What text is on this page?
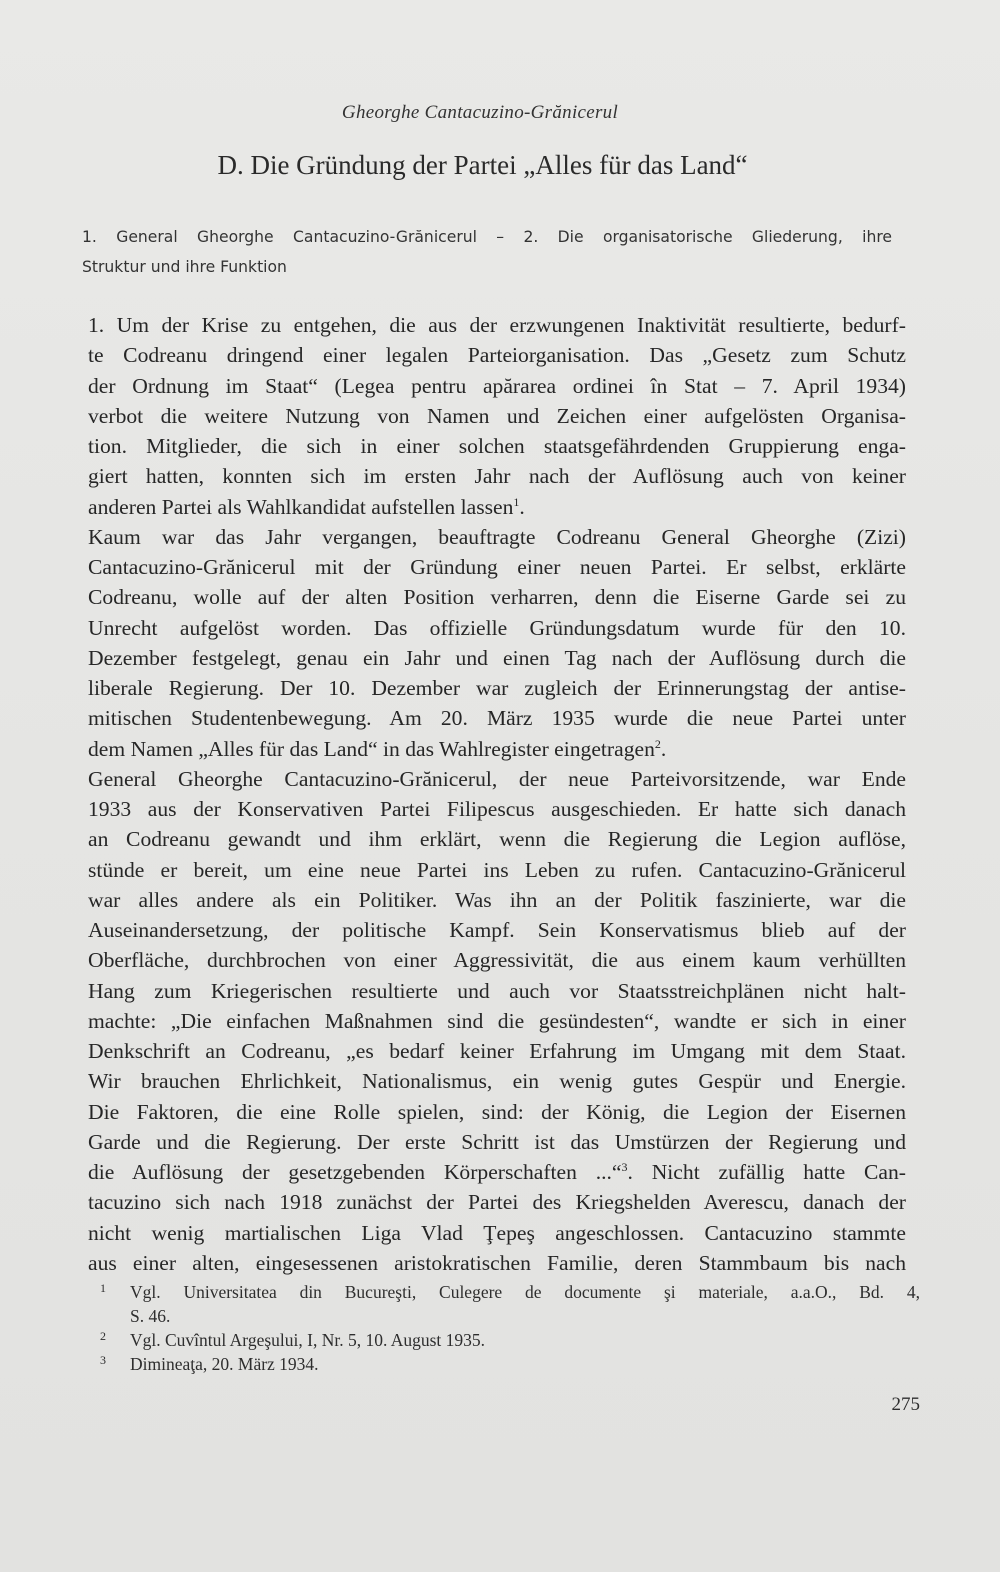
Gheorghe Cantacuzino-Grănicerul
D. Die Gründung der Partei „Alles für das Land“
1. General Gheorghe Cantacuzino-Grănicerul – 2. Die organisatorische Gliederung, ihre
Struktur und ihre Funktion
1. Um der Krise zu entgehen, die aus der erzwungenen Inaktivität resultierte, bedurf-
te Codreanu dringend einer legalen Parteiorganisation. Das „Gesetz zum Schutz
der Ordnung im Staat“ (Legea pentru apărarea ordinei în Stat – 7. April 1934)
verbot die weitere Nutzung von Namen und Zeichen einer aufgelösten Organisa-
tion. Mitglieder, die sich in einer solchen staatsgefährdenden Gruppierung enga-
giert hatten, konnten sich im ersten Jahr nach der Auflösung auch von keiner
anderen Partei als Wahlkandidat aufstellen lassen$^1$.
Kaum war das Jahr vergangen, beauftragte Codreanu General Gheorghe (Zizi)
Cantacuzino-Grănicerul mit der Gründung einer neuen Partei. Er selbst, erklärte
Codreanu, wolle auf der alten Position verharren, denn die Eiserne Garde sei zu
Unrecht aufgelöst worden. Das offizielle Gründungsdatum wurde für den 10.
Dezember festgelegt, genau ein Jahr und einen Tag nach der Auflösung durch die
liberale Regierung. Der 10. Dezember war zugleich der Erinnerungstag der antise-
mitischen Studentenbewegung. Am 20. März 1935 wurde die neue Partei unter
dem Namen „Alles für das Land“ in das Wahlregister eingetragen$^2$.
General Gheorghe Cantacuzino-Grănicerul, der neue Parteivorsitzende, war Ende
1933 aus der Konservativen Partei Filipescus ausgeschieden. Er hatte sich danach
an Codreanu gewandt und ihm erklärt, wenn die Regierung die Legion auflöse,
stünde er bereit, um eine neue Partei ins Leben zu rufen. Cantacuzino-Grănicerul
war alles andere als ein Politiker. Was ihn an der Politik faszinierte, war die
Auseinandersetzung, der politische Kampf. Sein Konservatismus blieb auf der
Oberfläche, durchbrochen von einer Aggressivität, die aus einem kaum verhüllten
Hang zum Kriegerischen resultierte und auch vor Staatsstreichplänen nicht halt-
machte: „Die einfachen Maßnahmen sind die gesündesten“, wandte er sich in einer
Denkschrift an Codreanu, „es bedarf keiner Erfahrung im Umgang mit dem Staat.
Wir brauchen Ehrlichkeit, Nationalismus, ein wenig gutes Gespür und Energie.
Die Faktoren, die eine Rolle spielen, sind: der König, die Legion der Eisernen
Garde und die Regierung. Der erste Schritt ist das Umstürzen der Regierung und
die Auflösung der gesetzgebenden Körperschaften ...“$^3$. Nicht zufällig hatte Can-
tacuzino sich nach 1918 zunächst der Partei des Kriegshelden Averescu, danach der
nicht wenig martialischen Liga Vlad Ţepeş angeschlossen. Cantacuzino stammte
aus einer alten, eingesessenen aristokratischen Familie, deren Stammbaum bis nach
1 Vgl. Universitatea din Bucureşti, Culegere de documente şi materiale, a.a.O., Bd. 4,
S. 46.
2 Vgl. Cuvîntul Argeşului, I, Nr. 5, 10. August 1935.
3 Dimineaţa, 20. März 1934.
275
